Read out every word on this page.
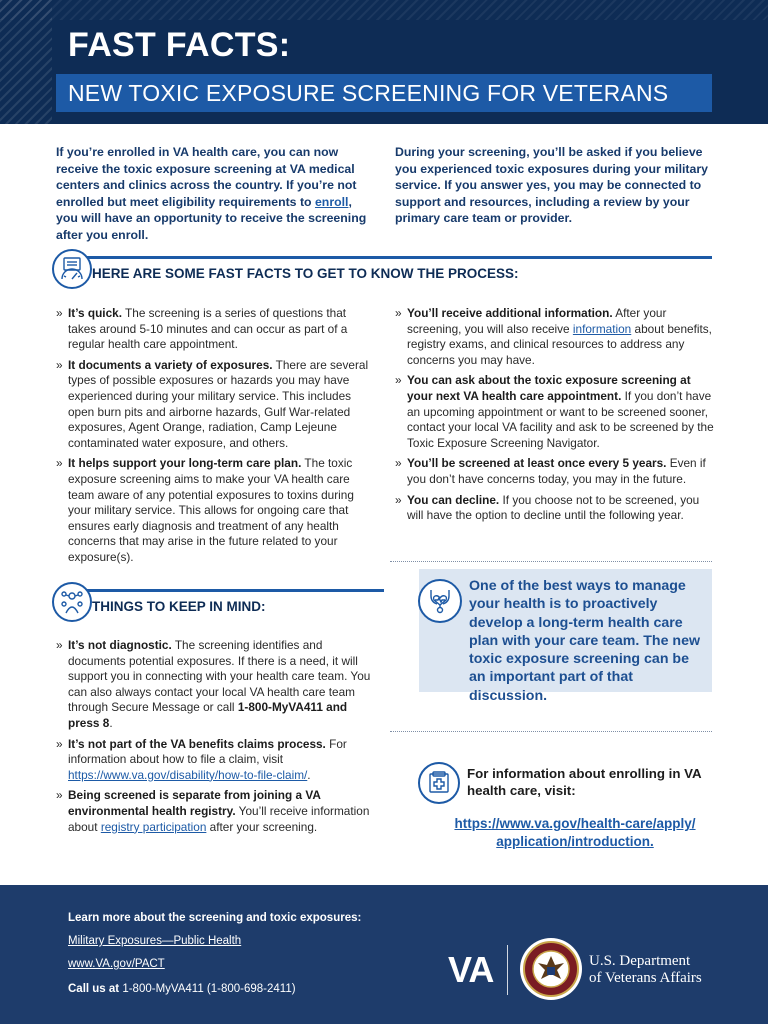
FAST FACTS:
NEW TOXIC EXPOSURE SCREENING FOR VETERANS

If you’re enrolled in VA health care, you can now receive the toxic exposure screening at VA medical centers and clinics across the country. If you’re not enrolled but meet eligibility requirements to enroll, you will have an opportunity to receive the screening after you enroll.

During your screening, you’ll be asked if you believe you experienced toxic exposures during your military service. If you answer yes, you may be connected to support and resources, including a review by your primary care team or provider.

HERE ARE SOME FAST FACTS TO GET TO KNOW THE PROCESS:
» It’s quick. The screening is a series of questions that takes around 5-10 minutes and can occur as part of a regular health care appointment.
» It documents a variety of exposures. There are several types of possible exposures or hazards you may have experienced during your military service. This includes open burn pits and airborne hazards, Gulf War-related exposures, Agent Orange, radiation, Camp Lejeune contaminated water exposure, and others.
» It helps support your long-term care plan. The toxic exposure screening aims to make your VA health care team aware of any potential exposures to toxins during your military service. This allows for ongoing care that ensures early diagnosis and treatment of any health concerns that may arise in the future related to your exposure(s).
» You’ll receive additional information. After your screening, you will also receive information about benefits, registry exams, and clinical resources to address any concerns you may have.
» You can ask about the toxic exposure screening at your next VA health care appointment. If you don’t have an upcoming appointment or want to be screened sooner, contact your local VA facility and ask to be screened by the Toxic Exposure Screening Navigator.
» You’ll be screened at least once every 5 years. Even if you don’t have concerns today, you may in the future.
» You can decline. If you choose not to be screened, you will have the option to decline until the following year.
THINGS TO KEEP IN MIND:
» It’s not diagnostic. The screening identifies and documents potential exposures. If there is a need, it will support you in connecting with your health care team. You can also always contact your local VA health care team through Secure Message or call 1-800-MyVA411 and press 8.
» It’s not part of the VA benefits claims process. For information about how to file a claim, visit https://www.va.gov/disability/how-to-file-claim/.
» Being screened is separate from joining a VA environmental health registry. You’ll receive information about registry participation after your screening.
One of the best ways to manage your health is to proactively develop a long-term health care plan with your care team. The new toxic exposure screening can be an important part of that discussion.
For information about enrolling in VA health care, visit:
https://www.va.gov/health-care/apply/
application/introduction.
Learn more about the screening and toxic exposures:
Military Exposures—Public Health
www.VA.gov/PACT
Call us at 1-800-MyVA411 (1-800-698-2411)	VA	U.S. Department
of Veterans Affairs
